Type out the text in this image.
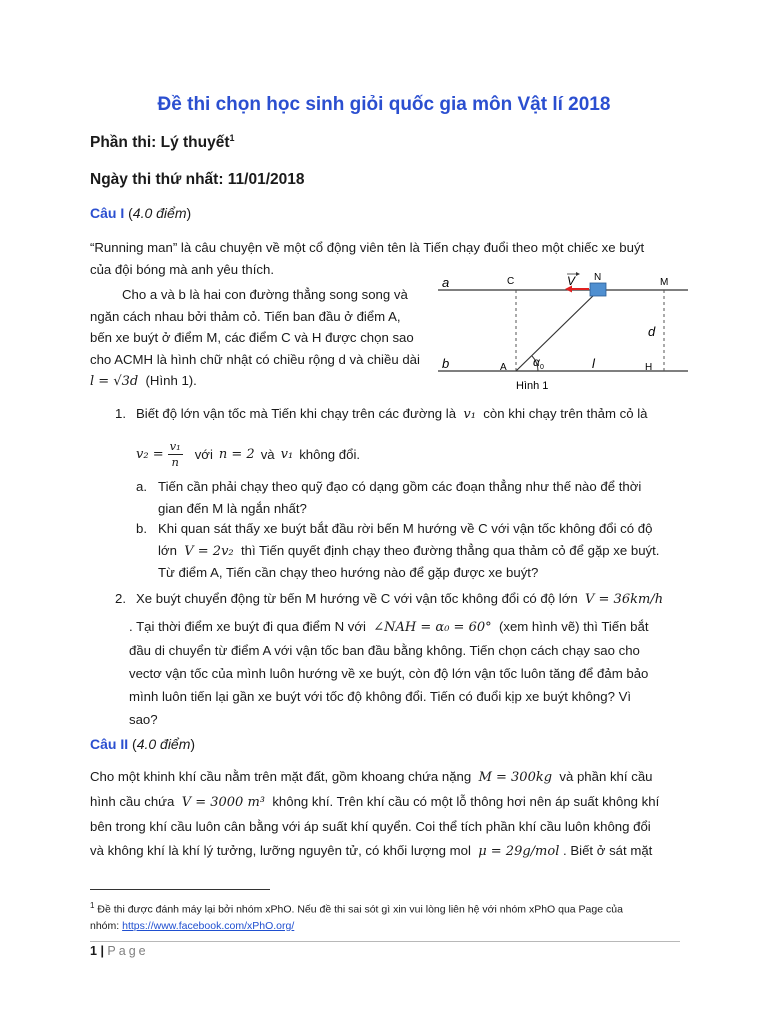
Đề thi chọn học sinh giỏi quốc gia môn Vật lí 2018
Phần thi: Lý thuyết$^1$
Ngày thi thứ nhất: 11/01/2018
Câu I (4.0 điểm)
“Running man” là câu chuyện về một cổ động viên tên là Tiến chạy đuổi theo một chiếc xe buýt
của đội bóng mà anh yêu thích.
Cho a và b là hai con đường thẳng song song và
ngăn cách nhau bởi thảm cỏ. Tiến ban đầu ở điểm A,
bến xe buýt ở điểm M, các điểm C và H được chọn sao
cho ACMH là hình chữ nhật có chiều rộng d và chiều dài
l = √3d (Hình 1).
V
a
b
C	N	M
A	H
d
l
α 0
Hình 1
1. Biết độ lớn vận tốc mà Tiến khi chạy trên các đường là v₁ còn khi chạy trên thảm cỏ là
$v_2 = \frac{\text{v₁}}{n}$ với n = 2 và v₁ không đổi.
a. Tiến cần phải chạy theo quỹ đạo có dạng gồm các đoạn thẳng như thế nào để thời
gian đến M là ngắn nhất?
b. Khi quan sát thấy xe buýt bắt đầu rời bến M hướng về C với vận tốc không đổi có độ
lớn V = 2v₂ thì Tiến quyết định chạy theo đường thẳng qua thảm cỏ để gặp xe buýt.
Từ điểm A, Tiến cần chạy theo hướng nào để gặp được xe buýt?
2. Xe buýt chuyển động từ bến M hướng về C với vận tốc không đổi có độ lớn V = 36km/h
. Tại thời điểm xe buýt đi qua điểm N với ∠NAH = α₀ = 60° (xem hình vẽ) thì Tiến bắt
đầu di chuyển từ điểm A với vận tốc ban đầu bằng không. Tiến chọn cách chạy sao cho
vectơ vận tốc của mình luôn hướng về xe buýt, còn độ lớn vận tốc luôn tăng để đảm bảo
mình luôn tiến lại gần xe buýt với tốc độ không đổi. Tiến có đuổi kịp xe buýt không? Vì
sao?
Câu II (4.0 điểm)
Cho một khinh khí cầu nằm trên mặt đất, gồm khoang chứa nặng M = 300kg và phần khí cầu
hình cầu chứa V = 3000 m³ không khí. Trên khí cầu có một lỗ thông hơi nên áp suất không khí
bên trong khí cầu luôn cân bằng với áp suất khí quyển. Coi thể tích phần khí cầu luôn không đổi
và không khí là khí lý tưởng, lưỡng nguyên tử, có khối lượng mol μ = 29g/mol . Biết ở sát mặt
$^1$ Đề thi được đánh máy lại bởi nhóm xPhO. Nếu đề thi sai sót gì xin vui lòng liên hệ với nhóm xPhO qua Page của
nhóm: https://www.facebook.com/xPhO.org/
1 | Page
